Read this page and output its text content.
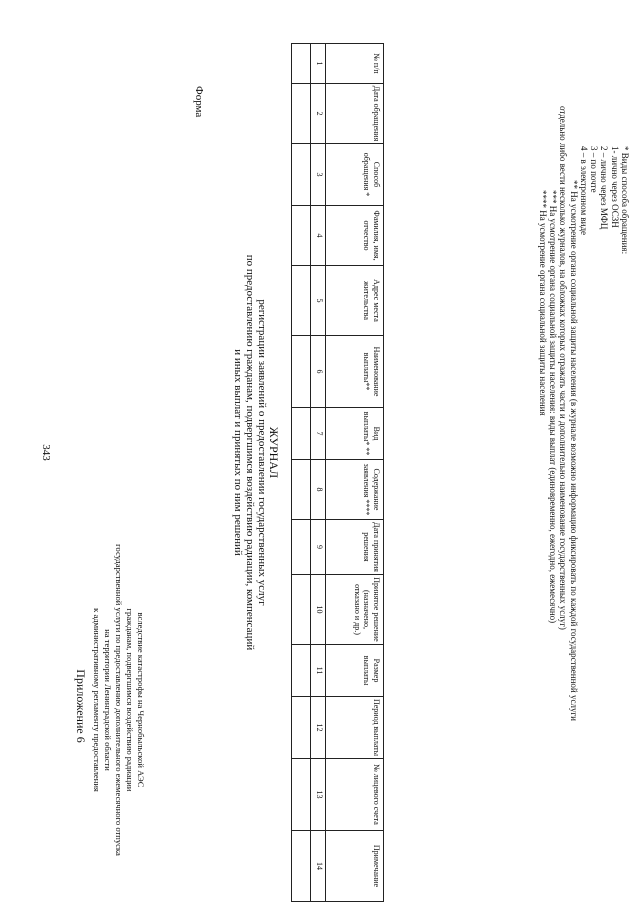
343
Приложение 6 к административному регламенту предоставления на территории Ленинградской области государственной услуги по предоставлению дополнительного ежемесячного отпуска гражданам, подвергшимся воздействию радиации вследствие катастрофы на Чернобыльской АЭС
Форма
ЖУРНАЛ
регистрации заявлений о предоставлении государственных услуг
по предоставлению гражданам, подвергшимся воздействию радиации, компенсаций
и иных выплат и принятых по ним решений
№ п/п	Дата обращения	Способ обращения *	Фамилия, имя, отчество	Адрес места жительства	Наименование выплаты**	Вид выплаты* **	Содержание заявления ****	Дата принятия решения	Принятое решение (назначено, отказано и др.)	Размер выплаты	Период выплаты	№ лицевого счета	Примечание
1	2	3	4	5	6	7	8	9	10	11	12	13	14

* Виды способа обращения:
1- лично через ОСЗН
2 – лично через МФЦ
3 – по почте
4 – в электронном виде
** На усмотрение органа социальной защиты населения (в журнале возможно информацию фиксировать по каждой государственной услуги
отдельно либо вести несколько журналов, на обложках которых отражать части и дополнительно наименование государственных услуг)
*** На усмотрение органа социальной защиты населения: виды выплат (единовременно, ежегодно, ежемесячно)
**** На усмотрение органа социальной защиты населения
